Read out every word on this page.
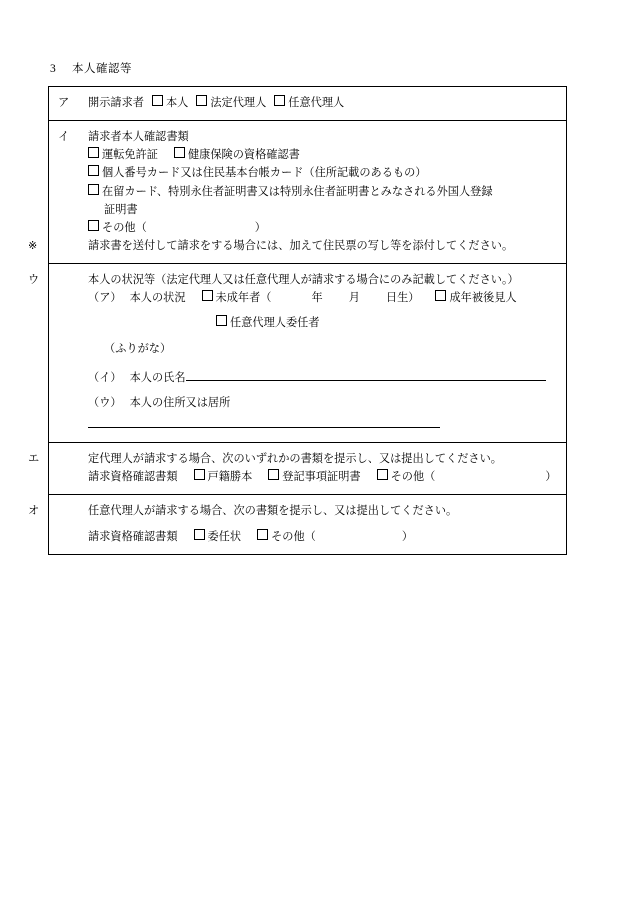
3 本人確認等
ア 開示請求者 本人 法定代理人 任意代理人

イ 請求者本人確認書類
運転免許証	健康保険の資格確認書
個人番号カード又は住民基本台帳カード（住所記載のあるもの）
在留カード、特別永住者証明書又は特別永住者証明書とみなされる外国人登録
証明書
その他（	）
※	請求書を送付して請求をする場合には、加えて住民票の写し等を添付してください。

ウ	本人の状況等（法定代理人又は任意代理人が請求する場合にのみ記載してください。）
（ア） 本人の状況	未成年者（	年 月 日生）	成年被後見人
任意代理人委任者
（ふりがな）
（イ） 本人の氏名
（ウ） 本人の住所又は居所

エ	定代理人が請求する場合、次のいずれかの書類を提示し、又は提出してください。
請求資格確認書類	戸籍勝本	登記事項証明書	その他（	）

オ	任意代理人が請求する場合、次の書類を提示し、又は提出してください。
請求資格確認書類	委任状	その他（	）
